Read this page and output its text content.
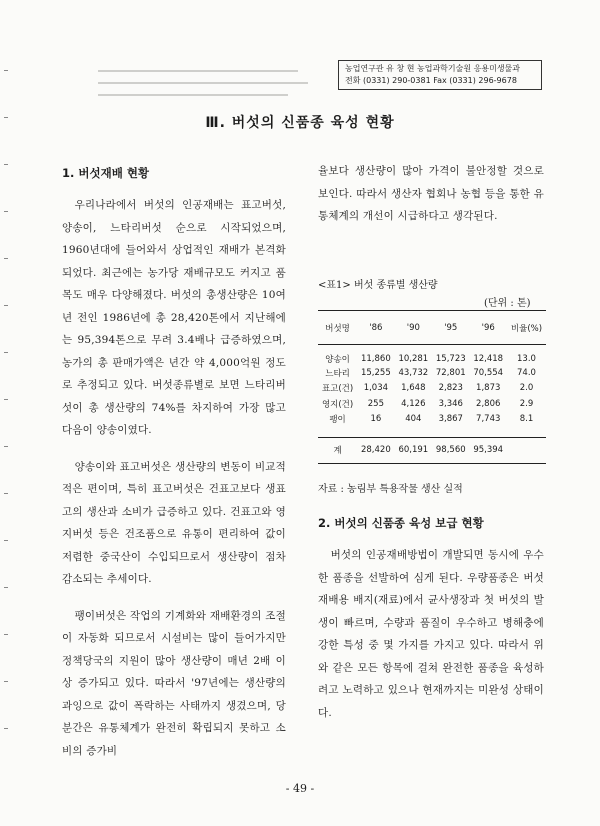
농업연구관 유 창 현 농업과학기술원 응용미생물과
전화 (0331) 290-0381 Fax (0331) 296-9678
Ⅲ. 버섯의 신품종 육성 현황
1. 버섯재배 현황

우리나라에서 버섯의 인공재배는 표고버섯, 양송이, 느타리버섯 순으로 시작되었으며, 1960년대에 들어와서 상업적인 재배가 본격화되었다. 최근에는 농가당 재배규모도 커지고 품목도 매우 다양해졌다. 버섯의 총생산량은 10여년 전인 1986년에 총 28,420톤에서 지난해에는 95,394톤으로 무려 3.4배나 급증하였으며, 농가의 총 판매가액은 년간 약 4,000억원 정도로 추정되고 있다. 버섯종류별로 보면 느타리버섯이 총 생산량의 74%를 차지하여 가장 많고 다음이 양송이였다.

양송이와 표고버섯은 생산량의 변동이 비교적 적은 편이며, 특히 표고버섯은 건표고보다 생표고의 생산과 소비가 급증하고 있다. 건표고와 영지버섯 등은 건조품으로 유통이 편리하여 값이 저렴한 중국산이 수입되므로서 생산량이 점차 감소되는 추세이다.

팽이버섯은 작업의 기계화와 재배환경의 조절이 자동화 되므로서 시설비는 많이 들어가지만 정책당국의 지원이 많아 생산량이 매년 2배 이상 증가되고 있다. 따라서 '97년에는 생산량의 과잉으로 값이 폭락하는 사태까지 생겼으며, 당분간은 유통체계가 완전히 확립되지 못하고 소비의 증가비

율보다 생산량이 많아 가격이 불안정할 것으로 보인다. 따라서 생산자 협회나 농협 등을 통한 유통체계의 개선이 시급하다고 생각된다.

<표1> 버섯 종류별 생산량
(단위 : 톤)
버섯명	'86	'90	'95	'96	비율(%)
양송이	11,860	10,281	15,723	12,418	13.0
느타리	15,255	43,732	72,801	70,554	74.0
표고(건)	1,034	1,648	2,823	1,873	2.0
영지(건)	255	4,126	3,346	2,806	2.9
팽이	16	404	3,867	7,743	8.1

계	28,420	60,191	98,560	95,394	
자료 : 농림부 특용작물 생산 실적
2. 버섯의 신품종 육성 보급 현황

버섯의 인공재배방법이 개발되면 동시에 우수한 품종을 선발하여 심게 된다. 우량품종은 버섯재배용 배지(재료)에서 균사생장과 첫 버섯의 발생이 빠르며, 수량과 품질이 우수하고 병해충에 강한 특성 중 몇 가지를 가지고 있다. 따라서 위와 같은 모든 항목에 걸쳐 완전한 품종을 육성하려고 노력하고 있으나 현재까지는 미완성 상태이다.

- 49 -
